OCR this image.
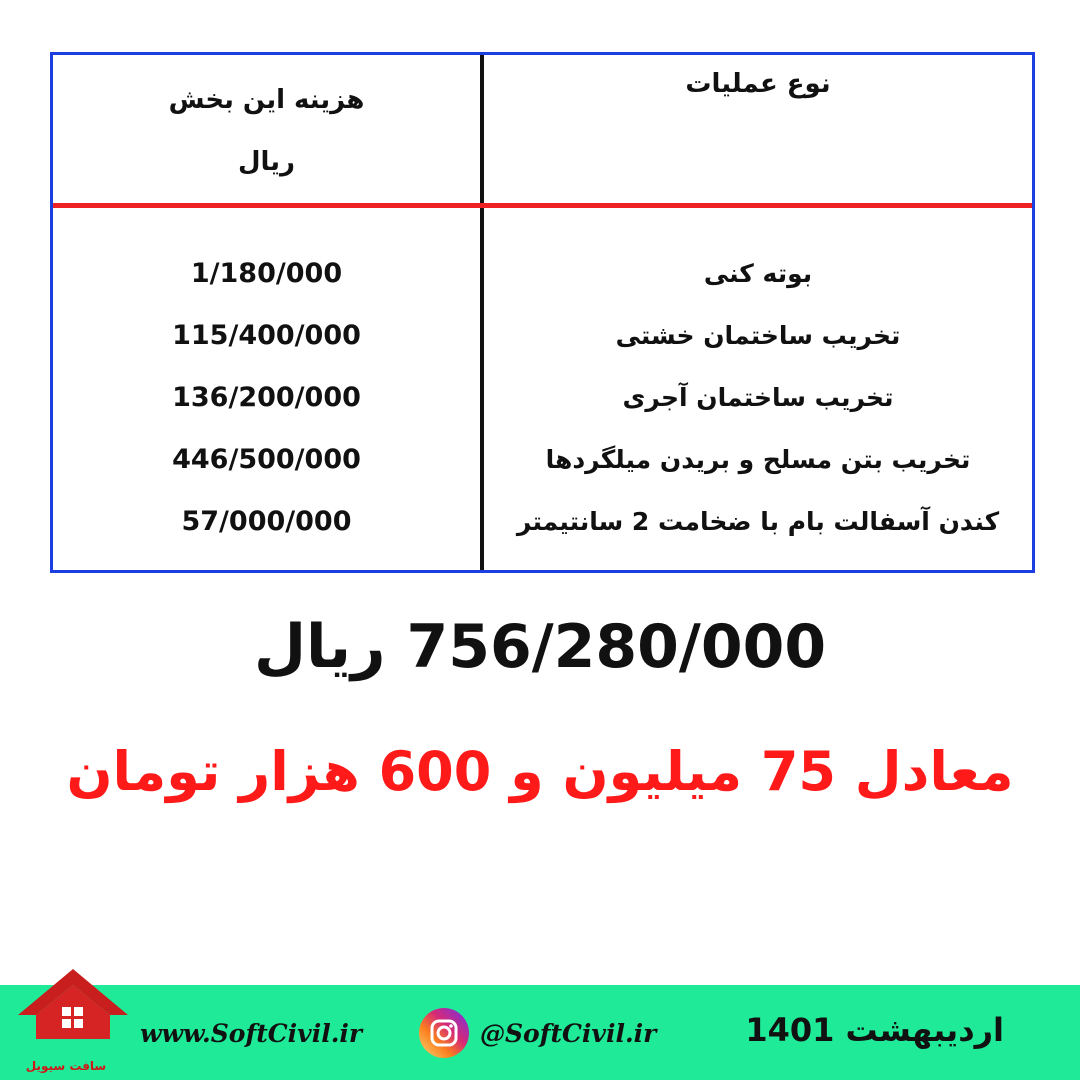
نوع عملیات
هزینه این بخش
ریال
1/180/000
115/400/000
136/200/000
446/500/000
57/000/000
بوته کنی
تخریب ساختمان خشتی
تخریب ساختمان آجری
تخریب بتن مسلح و بریدن میلگردها
کندن آسفالت بام با ضخامت 2 سانتیمتر
756/280/000 ریال
معادل 75 میلیون و 600 هزار تومان
سافت سیویل
www.SoftCivil.ir	@SoftCivil.ir	اردیبهشت 1401
